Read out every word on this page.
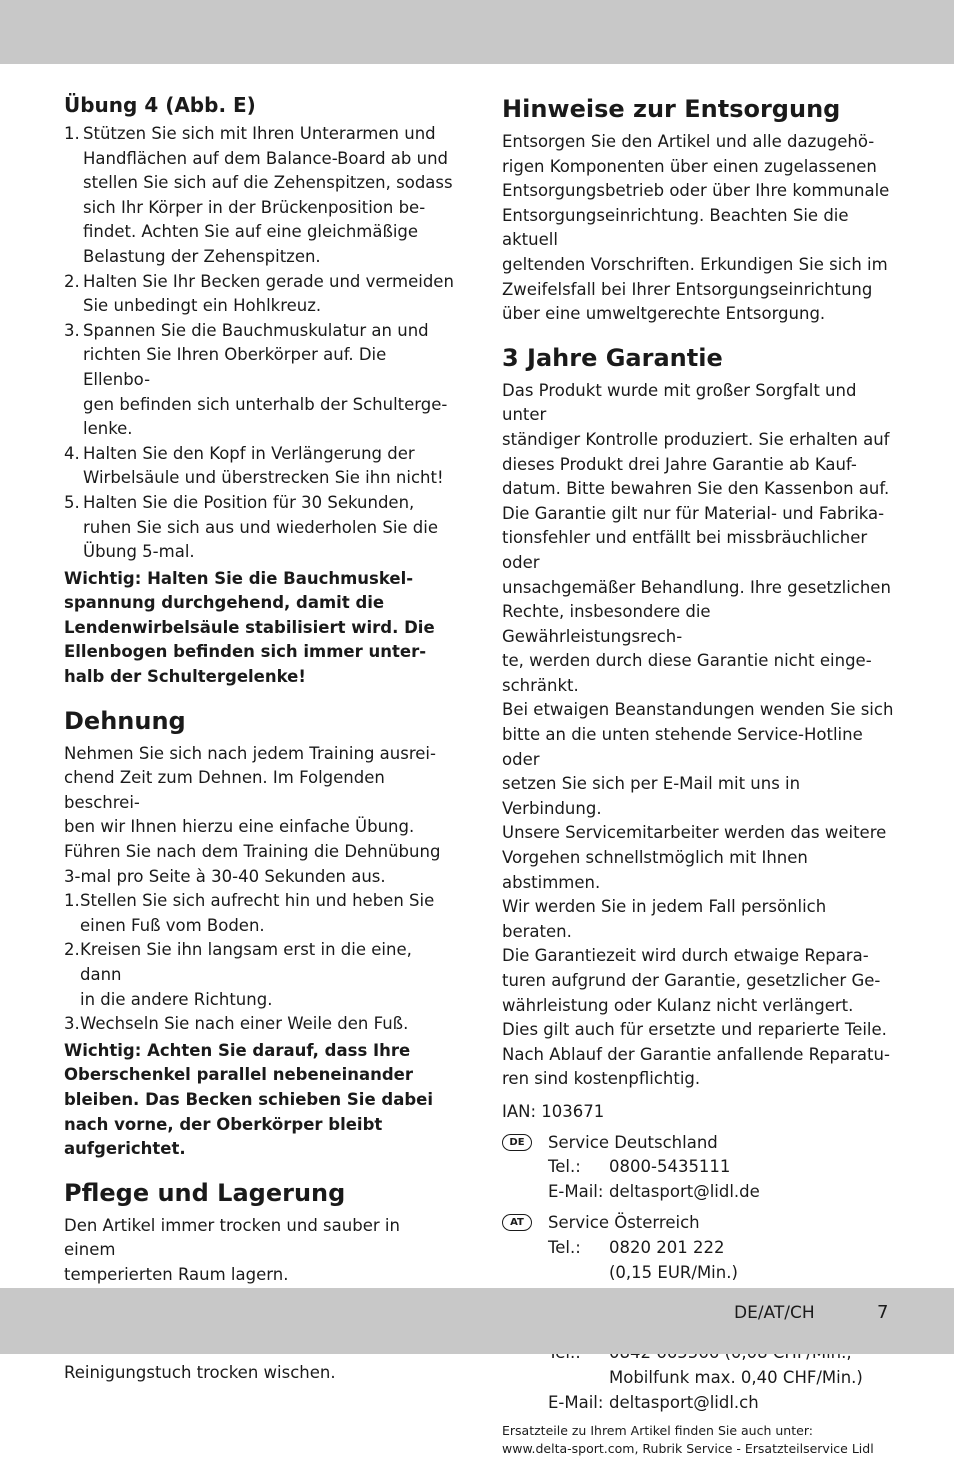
Übung 4 (Abb. E)
1. Stützen Sie sich mit Ihren Unterarmen und
Handflächen auf dem Balance-Board ab und
stellen Sie sich auf die Zehenspitzen, sodass
sich Ihr Körper in der Brückenposition be-
findet. Achten Sie auf eine gleichmäßige
Belastung der Zehenspitzen.
2. Halten Sie Ihr Becken gerade und vermeiden
Sie unbedingt ein Hohlkreuz.
3. Spannen Sie die Bauchmuskulatur an und
richten Sie Ihren Oberkörper auf. Die Ellenbo-
gen befinden sich unterhalb der Schulterge-
lenke.
4. Halten Sie den Kopf in Verlängerung der
Wirbelsäule und überstrecken Sie ihn nicht!
5. Halten Sie die Position für 30 Sekunden,
ruhen Sie sich aus und wiederholen Sie die
Übung 5-mal.
Wichtig: Halten Sie die Bauchmuskel-
spannung durchgehend, damit die
Lendenwirbelsäule stabilisiert wird. Die
Ellenbogen befinden sich immer unter-
halb der Schultergelenke!
Dehnung
Nehmen Sie sich nach jedem Training ausrei-
chend Zeit zum Dehnen. Im Folgenden beschrei-
ben wir Ihnen hierzu eine einfache Übung.
Führen Sie nach dem Training die Dehnübung
3-mal pro Seite à 30-40 Sekunden aus.
1. Stellen Sie sich aufrecht hin und heben Sie
einen Fuß vom Boden.
2. Kreisen Sie ihn langsam erst in die eine, dann
in die andere Richtung.
3. Wechseln Sie nach einer Weile den Fuß.
Wichtig: Achten Sie darauf, dass Ihre
Oberschenkel parallel nebeneinander
bleiben. Das Becken schieben Sie dabei
nach vorne, der Oberkörper bleibt
aufgerichtet.
Pflege und Lagerung
Den Artikel immer trocken und sauber in einem
temperierten Raum lagern.
Reinigungstuch trocken wischen.
Hinweise zur Entsorgung
Entsorgen Sie den Artikel und alle dazugehö-
rigen Komponenten über einen zugelassenen
Entsorgungsbetrieb oder über Ihre kommunale
Entsorgungseinrichtung. Beachten Sie die aktuell
geltenden Vorschriften. Erkundigen Sie sich im
Zweifelsfall bei Ihrer Entsorgungseinrichtung
über eine umweltgerechte Entsorgung.
3 Jahre Garantie
Das Produkt wurde mit großer Sorgfalt und unter
ständiger Kontrolle produziert. Sie erhalten auf
dieses Produkt drei Jahre Garantie ab Kauf-
datum. Bitte bewahren Sie den Kassenbon auf.
Die Garantie gilt nur für Material- und Fabrika-
tionsfehler und entfällt bei missbräuchlicher oder
unsachgemäßer Behandlung. Ihre gesetzlichen
Rechte, insbesondere die Gewährleistungsrech-
te, werden durch diese Garantie nicht einge-
schränkt.
Bei etwaigen Beanstandungen wenden Sie sich
bitte an die unten stehende Service-Hotline oder
setzen Sie sich per E-Mail mit uns in Verbindung.
Unsere Servicemitarbeiter werden das weitere
Vorgehen schnellstmöglich mit Ihnen abstimmen.
Wir werden Sie in jedem Fall persönlich beraten.
Die Garantiezeit wird durch etwaige Repara-
turen aufgrund der Garantie, gesetzlicher Ge-
währleistung oder Kulanz nicht verlängert.
Dies gilt auch für ersetzte und reparierte Teile.
Nach Ablauf der Garantie anfallende Reparatu-
ren sind kostenpflichtig.
IAN: 103671
DE	Service Deutschland
Tel.:	0800-5435111
E-Mail: deltasport@lidl.de
AT	Service Österreich
Tel.:	0820 201 222
(0,15 EUR/Min.)
Mobilfunk max. 0,40 CHF/Min.)
E-Mail: deltasport@lidl.ch
Ersatzteile zu Ihrem Artikel finden Sie auch unter:
www.delta-sport.com, Rubrik Service - Ersatzteilservice Lidl
DE/AT/CH	7
